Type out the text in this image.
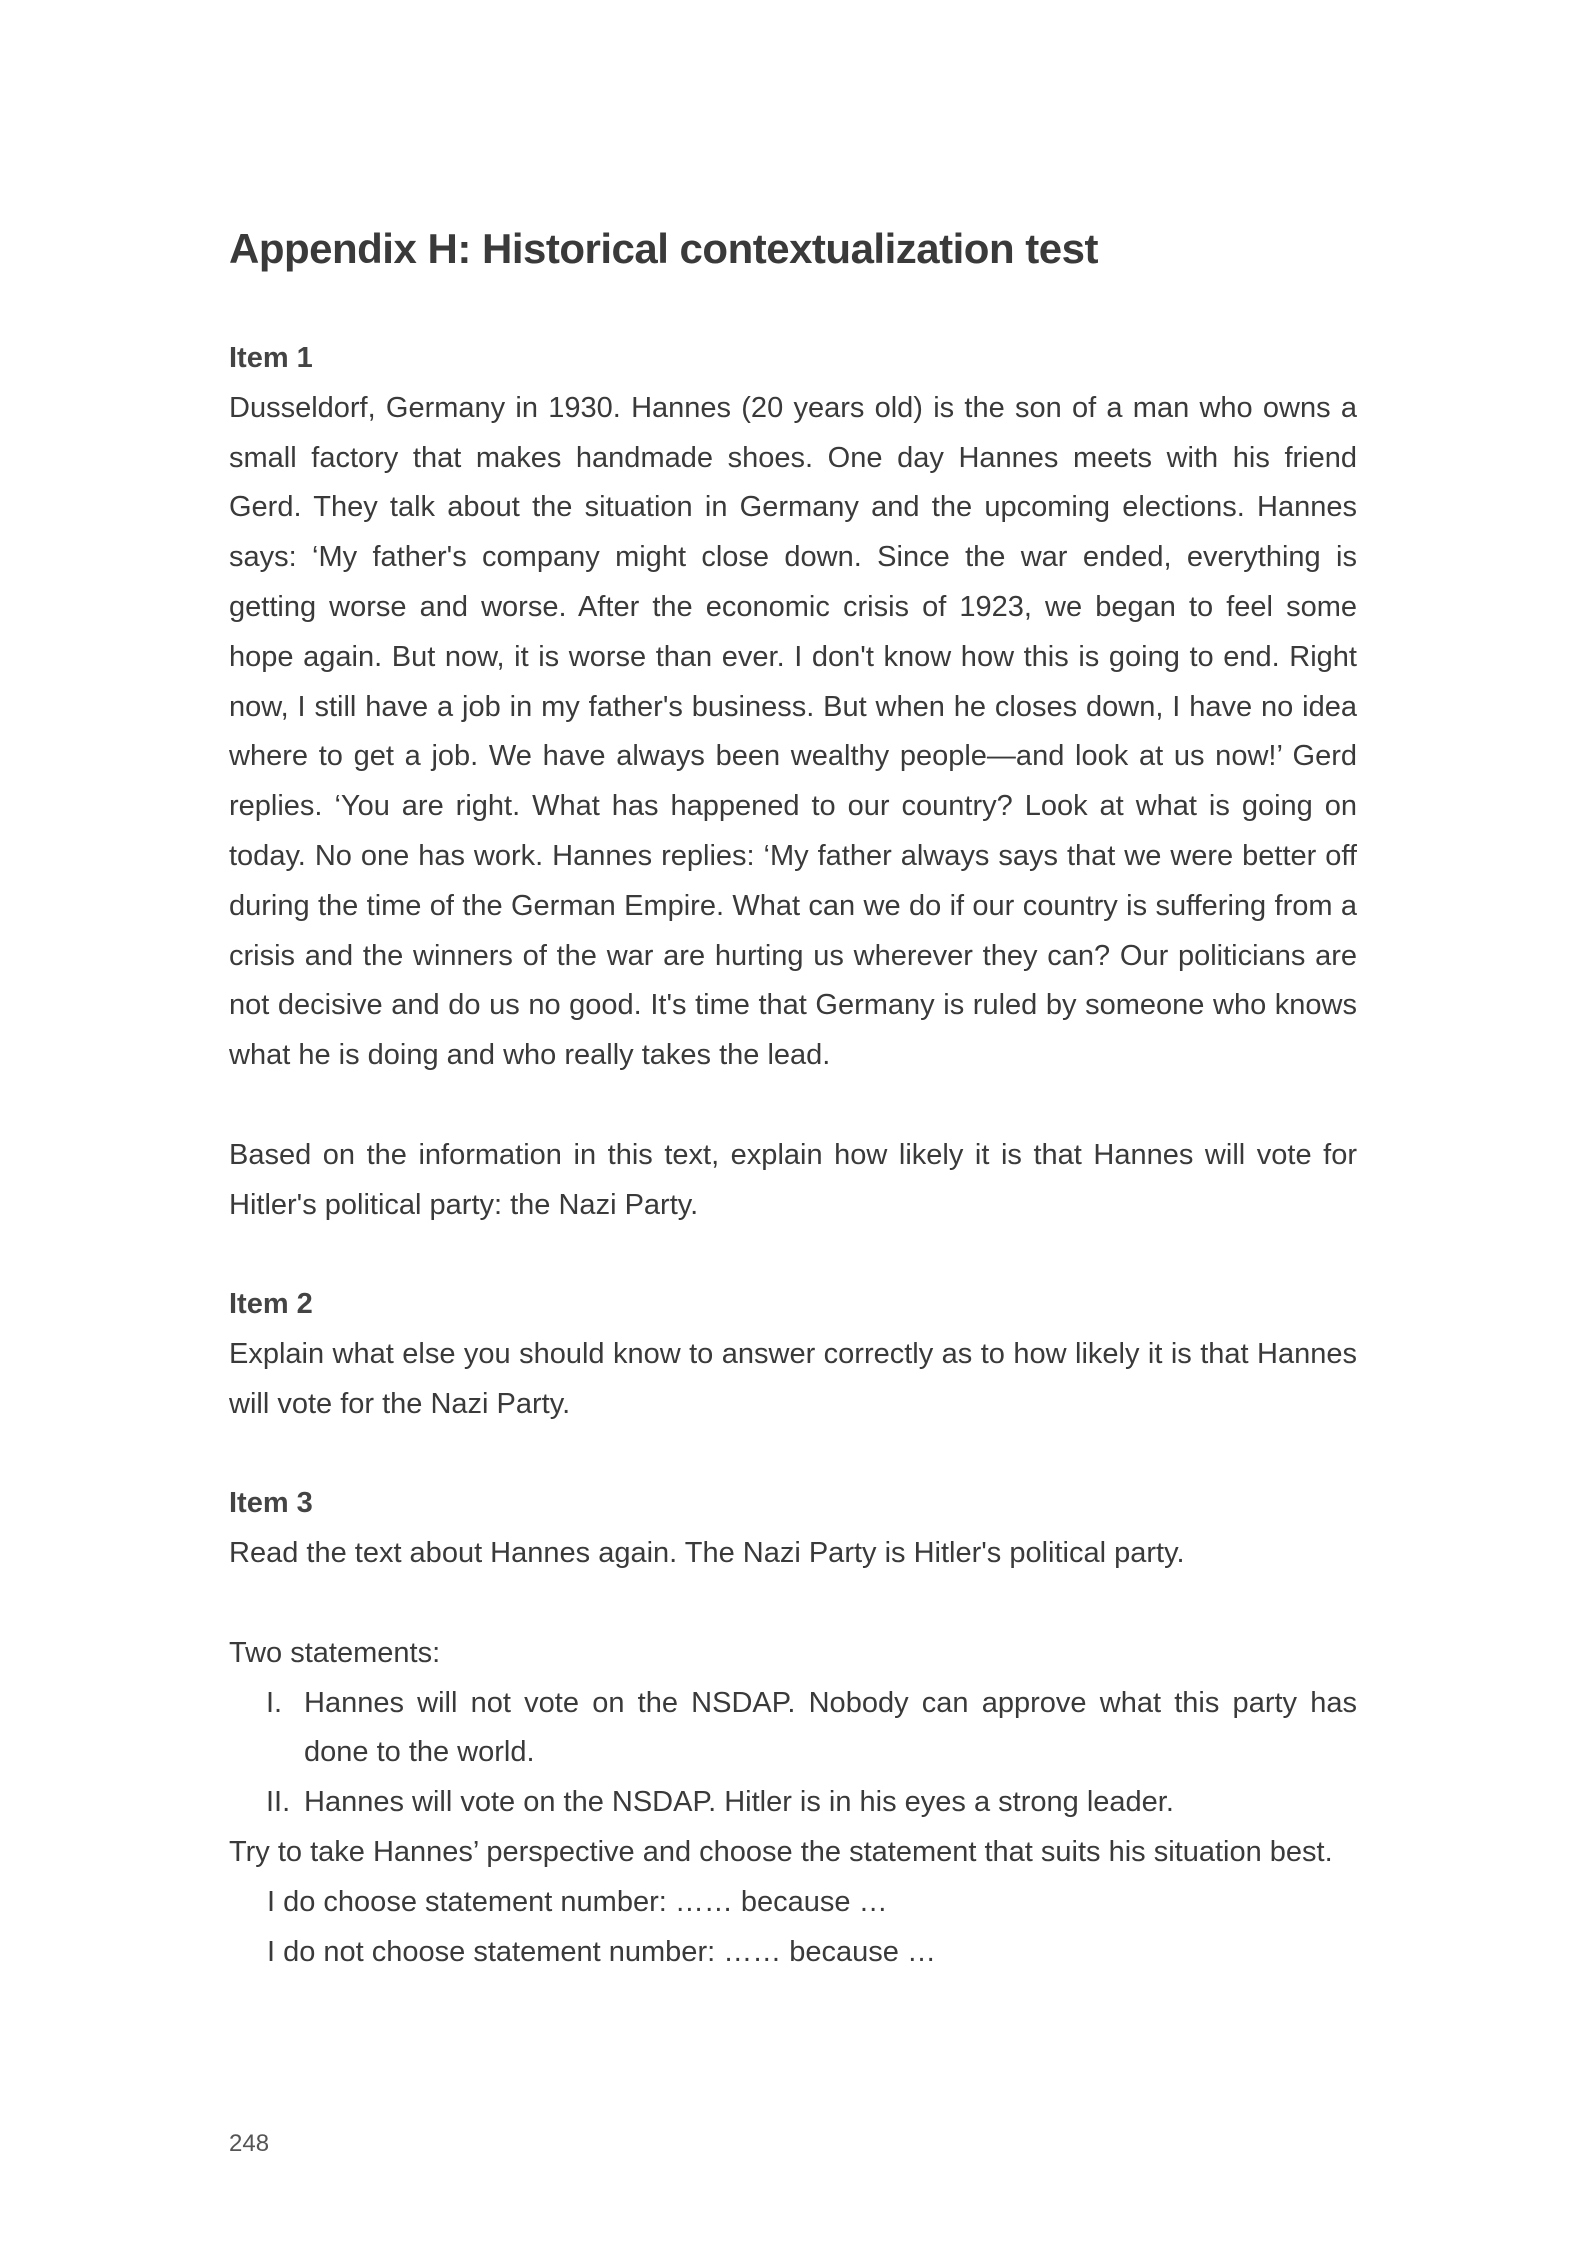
Appendix H: Historical contextualization test
Item 1

Dusseldorf, Germany in 1930. Hannes (20 years old) is the son of a man who owns a small factory that makes handmade shoes. One day Hannes meets with his friend Gerd. They talk about the situation in Germany and the upcoming elections. Hannes says: ‘My father's company might close down. Since the war ended, everything is getting worse and worse. After the economic crisis of 1923, we began to feel some hope again. But now, it is worse than ever. I don't know how this is going to end. Right now, I still have a job in my father's business. But when he closes down, I have no idea where to get a job. We have always been wealthy people—and look at us now!’ Gerd replies. ‘You are right. What has happened to our country? Look at what is going on today. No one has work. Hannes replies: ‘My father always says that we were better off during the time of the German Empire. What can we do if our country is suffering from a crisis and the winners of the war are hurting us wherever they can? Our politicians are not decisive and do us no good. It's time that Germany is ruled by someone who knows what he is doing and who really takes the lead.

Based on the information in this text, explain how likely it is that Hannes will vote for Hitler's political party: the Nazi Party.

Item 2

Explain what else you should know to answer correctly as to how likely it is that Hannes will vote for the Nazi Party.

Item 3

Read the text about Hannes again. The Nazi Party is Hitler's political party.

Two statements:

I. Hannes will not vote on the NSDAP. Nobody can approve what this party has done to the world.
II. Hannes will vote on the NSDAP. Hitler is in his eyes a strong leader.

Try to take Hannes’ perspective and choose the statement that suits his situation best.

I do choose statement number: …… because …

I do not choose statement number: …… because …

248
